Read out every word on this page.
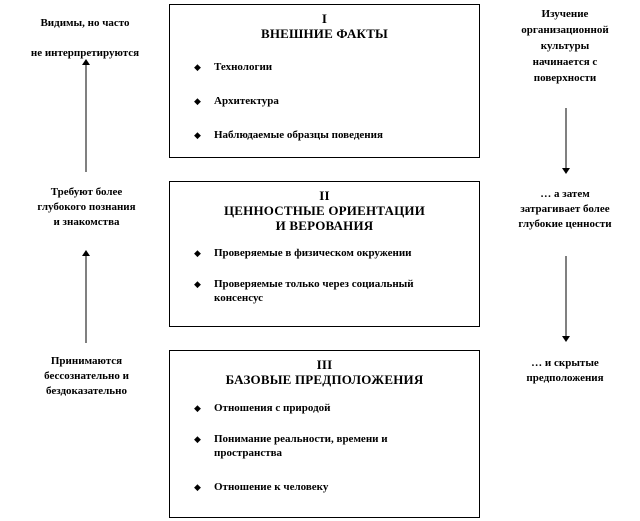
I
ВНЕШНИЕ ФАКТЫ
◆ Технологии
◆ Архитектура
◆ Наблюдаемые образцы поведения
II
ЦЕННОСТНЫЕ ОРИЕНТАЦИИ
И ВЕРОВАНИЯ
◆ Проверяемые в физическом окружении
◆ Проверяемые только через социальный
консенсус
III
БАЗОВЫЕ ПРЕДПОЛОЖЕНИЯ
◆ Отношения с природой
◆ Понимание реальности, времени и
пространства
◆ Отношение к человеку
Видимы, но часто
не интерпретируются
Требуют более
глубокого познания
и знакомства
Принимаются
бессознательно и
бездоказательно
Изучение
организационной
культуры
начинается с
поверхности
… а затем
затрагивает более
глубокие ценности
… и скрытые
предположения
